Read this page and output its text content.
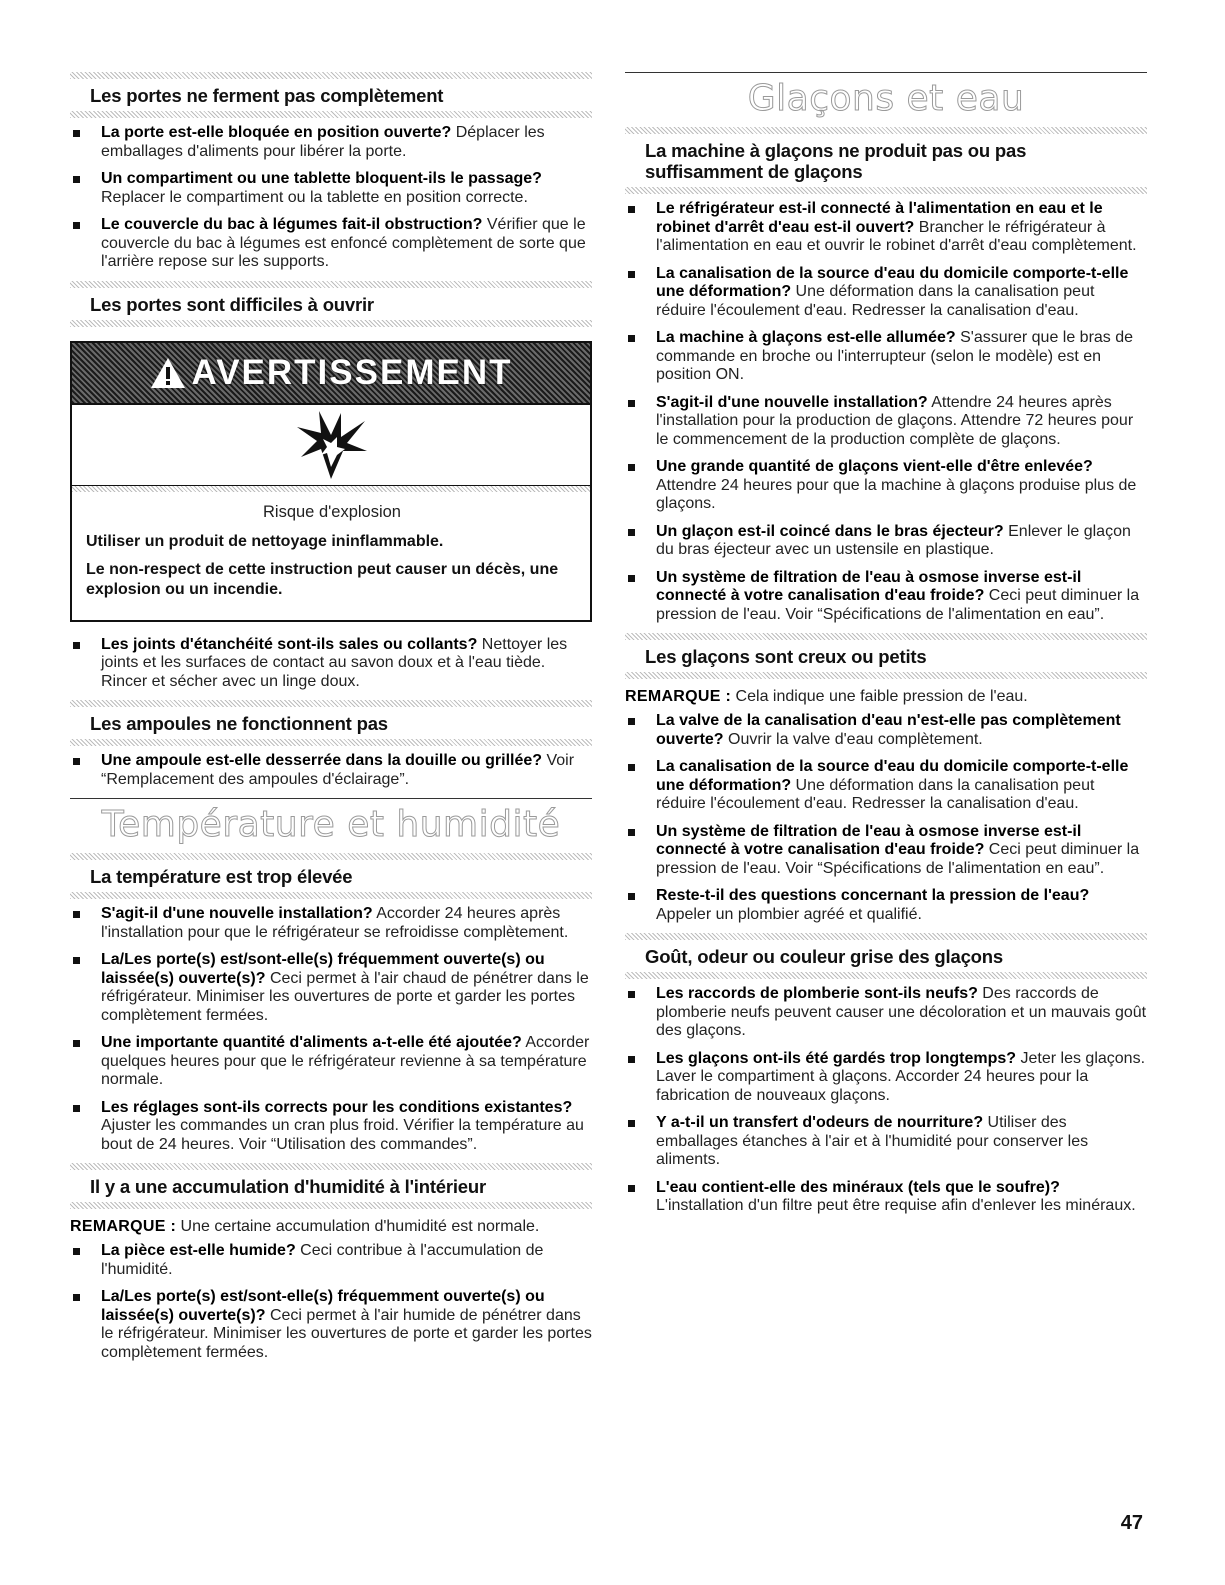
Les portes ne ferment pas complètement
La porte est-elle bloquée en position ouverte? Déplacer les emballages d'aliments pour libérer la porte.
Un compartiment ou une tablette bloquent-ils le passage? Replacer le compartiment ou la tablette en position correcte.
Le couvercle du bac à légumes fait-il obstruction? Vérifier que le couvercle du bac à légumes est enfoncé complètement de sorte que l'arrière repose sur les supports.
Les portes sont difficiles à ouvrir
AVERTISSEMENT
Risque d'explosion

Utiliser un produit de nettoyage ininflammable.

Le non-respect de cette instruction peut causer un décès, une explosion ou un incendie.

Les joints d'étanchéité sont-ils sales ou collants? Nettoyer les joints et les surfaces de contact au savon doux et à l'eau tiède. Rincer et sécher avec un linge doux.
Les ampoules ne fonctionnent pas
Une ampoule est-elle desserrée dans la douille ou grillée? Voir “Remplacement des ampoules d'éclairage”.
Température et humidité
La température est trop élevée
S'agit-il d'une nouvelle installation? Accorder 24 heures après l'installation pour que le réfrigérateur se refroidisse complètement.
La/Les porte(s) est/sont-elle(s) fréquemment ouverte(s) ou laissée(s) ouverte(s)? Ceci permet à l'air chaud de pénétrer dans le réfrigérateur. Minimiser les ouvertures de porte et garder les portes complètement fermées.
Une importante quantité d'aliments a-t-elle été ajoutée? Accorder quelques heures pour que le réfrigérateur revienne à sa température normale.
Les réglages sont-ils corrects pour les conditions existantes? Ajuster les commandes un cran plus froid. Vérifier la température au bout de 24 heures. Voir “Utilisation des commandes”.
Il y a une accumulation d'humidité à l'intérieur
REMARQUE : Une certaine accumulation d'humidité est normale.
La pièce est-elle humide? Ceci contribue à l'accumulation de l'humidité.
La/Les porte(s) est/sont-elle(s) fréquemment ouverte(s) ou laissée(s) ouverte(s)? Ceci permet à l'air humide de pénétrer dans le réfrigérateur. Minimiser les ouvertures de porte et garder les portes complètement fermées.
Glaçons et eau
La machine à glaçons ne produit pas ou pas suffisamment de glaçons
Le réfrigérateur est-il connecté à l'alimentation en eau et le robinet d'arrêt d'eau est-il ouvert? Brancher le réfrigérateur à l'alimentation en eau et ouvrir le robinet d'arrêt d'eau complètement.
La canalisation de la source d'eau du domicile comporte-t-elle une déformation? Une déformation dans la canalisation peut réduire l'écoulement d'eau. Redresser la canalisation d'eau.
La machine à glaçons est-elle allumée? S'assurer que le bras de commande en broche ou l'interrupteur (selon le modèle) est en position ON.
S'agit-il d'une nouvelle installation? Attendre 24 heures après l'installation pour la production de glaçons. Attendre 72 heures pour le commencement de la production complète de glaçons.
Une grande quantité de glaçons vient-elle d'être enlevée? Attendre 24 heures pour que la machine à glaçons produise plus de glaçons.
Un glaçon est-il coincé dans le bras éjecteur? Enlever le glaçon du bras éjecteur avec un ustensile en plastique.
Un système de filtration de l'eau à osmose inverse est-il connecté à votre canalisation d'eau froide? Ceci peut diminuer la pression de l'eau. Voir “Spécifications de l'alimentation en eau”.
Les glaçons sont creux ou petits
REMARQUE : Cela indique une faible pression de l'eau.
La valve de la canalisation d'eau n'est-elle pas complètement ouverte? Ouvrir la valve d'eau complètement.
La canalisation de la source d'eau du domicile comporte-t-elle une déformation? Une déformation dans la canalisation peut réduire l'écoulement d'eau. Redresser la canalisation d'eau.
Un système de filtration de l'eau à osmose inverse est-il connecté à votre canalisation d'eau froide? Ceci peut diminuer la pression de l'eau. Voir “Spécifications de l'alimentation en eau”.
Reste-t-il des questions concernant la pression de l'eau? Appeler un plombier agréé et qualifié.
Goût, odeur ou couleur grise des glaçons
Les raccords de plomberie sont-ils neufs? Des raccords de plomberie neufs peuvent causer une décoloration et un mauvais goût des glaçons.
Les glaçons ont-ils été gardés trop longtemps? Jeter les glaçons. Laver le compartiment à glaçons. Accorder 24 heures pour la fabrication de nouveaux glaçons.
Y a-t-il un transfert d'odeurs de nourriture? Utiliser des emballages étanches à l'air et à l'humidité pour conserver les aliments.
L'eau contient-elle des minéraux (tels que le soufre)? L'installation d'un filtre peut être requise afin d'enlever les minéraux.
47
